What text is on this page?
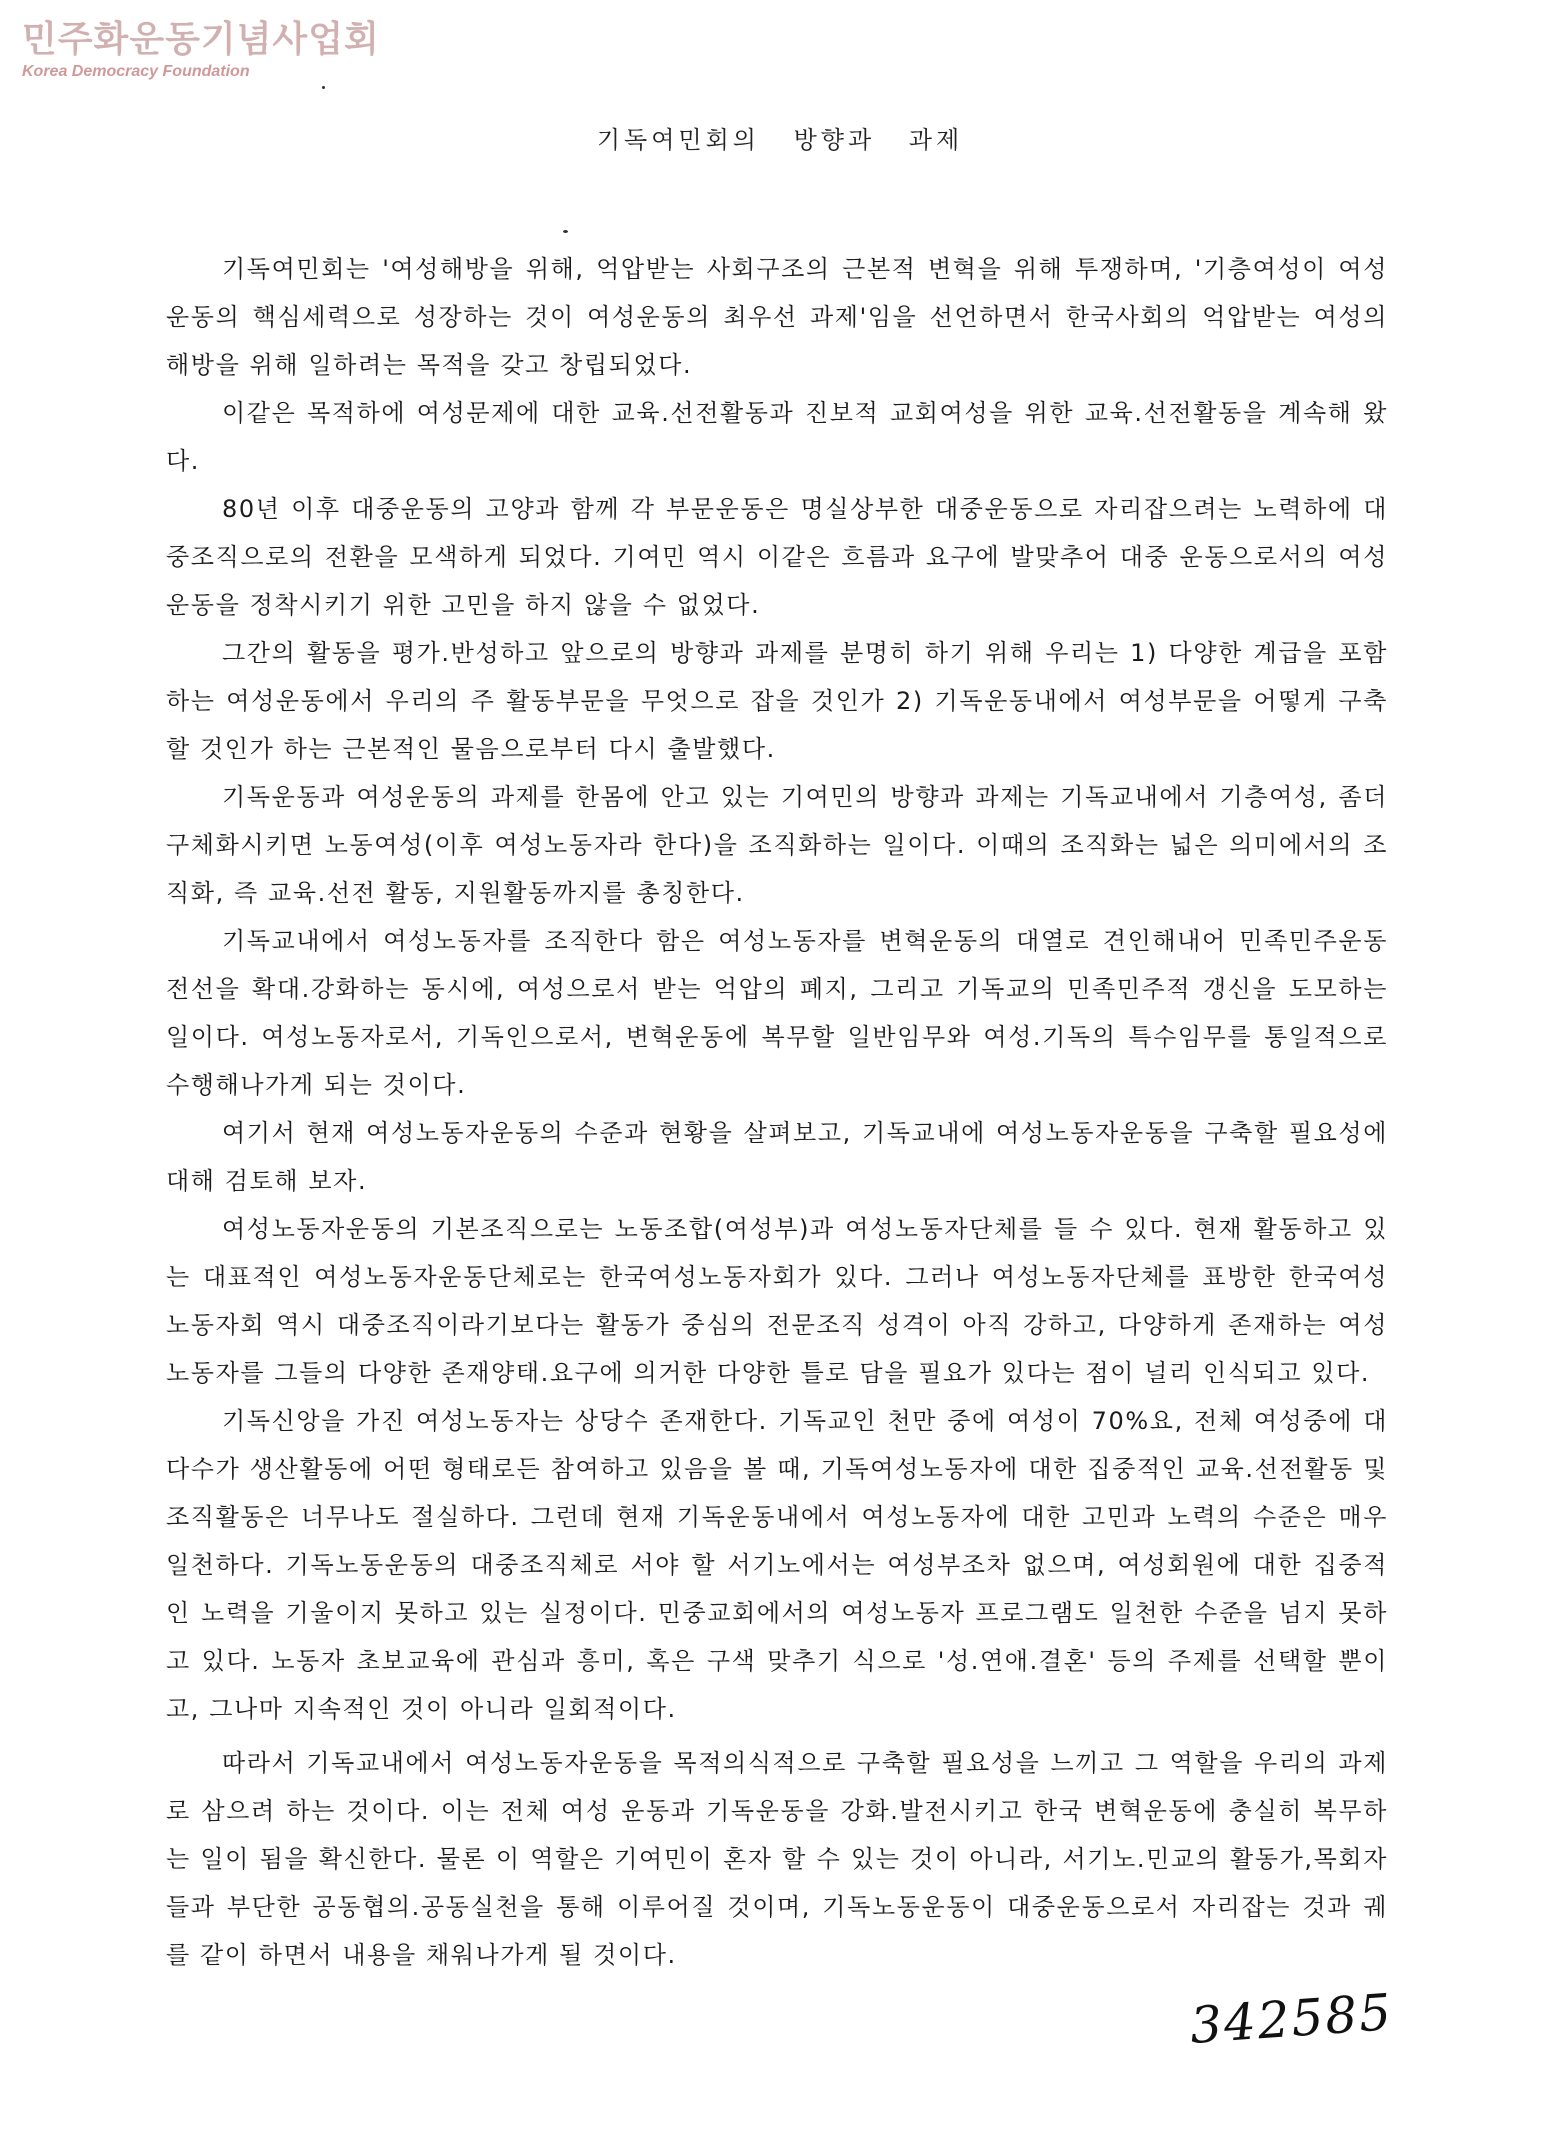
민주화운동기념사업회
Korea Democracy Foundation
기독여민회의 방향과 과제

기독여민회는 '여성해방을 위해, 억압받는 사회구조의 근본적 변혁을 위해 투쟁하며, '기층여성이 여성운동의 핵심세력으로 성장하는 것이 여성운동의 최우선 과제'임을 선언하면서 한국사회의 억압받는 여성의 해방을 위해 일하려는 목적을 갖고 창립되었다.

이같은 목적하에 여성문제에 대한 교육.선전활동과 진보적 교회여성을 위한 교육.선전활동을 계속해 왔다.

80년 이후 대중운동의 고양과 함께 각 부문운동은 명실상부한 대중운동으로 자리잡으려는 노력하에 대중조직으로의 전환을 모색하게 되었다. 기여민 역시 이같은 흐름과 요구에 발맞추어 대중 운동으로서의 여성운동을 정착시키기 위한 고민을 하지 않을 수 없었다.

그간의 활동을 평가.반성하고 앞으로의 방향과 과제를 분명히 하기 위해 우리는 1) 다양한 계급을 포함하는 여성운동에서 우리의 주 활동부문을 무엇으로 잡을 것인가 2) 기독운동내에서 여성부문을 어떻게 구축할 것인가 하는 근본적인 물음으로부터 다시 출발했다.

기독운동과 여성운동의 과제를 한몸에 안고 있는 기여민의 방향과 과제는 기독교내에서 기층여성, 좀더 구체화시키면 노동여성(이후 여성노동자라 한다)을 조직화하는 일이다. 이때의 조직화는 넓은 의미에서의 조직화, 즉 교육.선전 활동, 지원활동까지를 총칭한다.

기독교내에서 여성노동자를 조직한다 함은 여성노동자를 변혁운동의 대열로 견인해내어 민족민주운동 전선을 확대.강화하는 동시에, 여성으로서 받는 억압의 폐지, 그리고 기독교의 민족민주적 갱신을 도모하는 일이다. 여성노동자로서, 기독인으로서, 변혁운동에 복무할 일반임무와 여성.기독의 특수임무를 통일적으로 수행해나가게 되는 것이다.

여기서 현재 여성노동자운동의 수준과 현황을 살펴보고, 기독교내에 여성노동자운동을 구축할 필요성에 대해 검토해 보자.

여성노동자운동의 기본조직으로는 노동조합(여성부)과 여성노동자단체를 들 수 있다. 현재 활동하고 있는 대표적인 여성노동자운동단체로는 한국여성노동자회가 있다. 그러나 여성노동자단체를 표방한 한국여성노동자회 역시 대중조직이라기보다는 활동가 중심의 전문조직 성격이 아직 강하고, 다양하게 존재하는 여성노동자를 그들의 다양한 존재양태.요구에 의거한 다양한 틀로 담을 필요가 있다는 점이 널리 인식되고 있다.

기독신앙을 가진 여성노동자는 상당수 존재한다. 기독교인 천만 중에 여성이 70%요, 전체 여성중에 대다수가 생산활동에 어떤 형태로든 참여하고 있음을 볼 때, 기독여성노동자에 대한 집중적인 교육.선전활동 및 조직활동은 너무나도 절실하다. 그런데 현재 기독운동내에서 여성노동자에 대한 고민과 노력의 수준은 매우 일천하다. 기독노동운동의 대중조직체로 서야 할 서기노에서는 여성부조차 없으며, 여성회원에 대한 집중적인 노력을 기울이지 못하고 있는 실정이다. 민중교회에서의 여성노동자 프로그램도 일천한 수준을 넘지 못하고 있다. 노동자 초보교육에 관심과 흥미, 혹은 구색 맞추기 식으로 '성.연애.결혼' 등의 주제를 선택할 뿐이고, 그나마 지속적인 것이 아니라 일회적이다.

따라서 기독교내에서 여성노동자운동을 목적의식적으로 구축할 필요성을 느끼고 그 역할을 우리의 과제로 삼으려 하는 것이다. 이는 전체 여성 운동과 기독운동을 강화.발전시키고 한국 변혁운동에 충실히 복무하는 일이 됨을 확신한다. 물론 이 역할은 기여민이 혼자 할 수 있는 것이 아니라, 서기노.민교의 활동가,목회자들과 부단한 공동협의.공동실천을 통해 이루어질 것이며, 기독노동운동이 대중운동으로서 자리잡는 것과 궤를 같이 하면서 내용을 채워나가게 될 것이다.

342585
